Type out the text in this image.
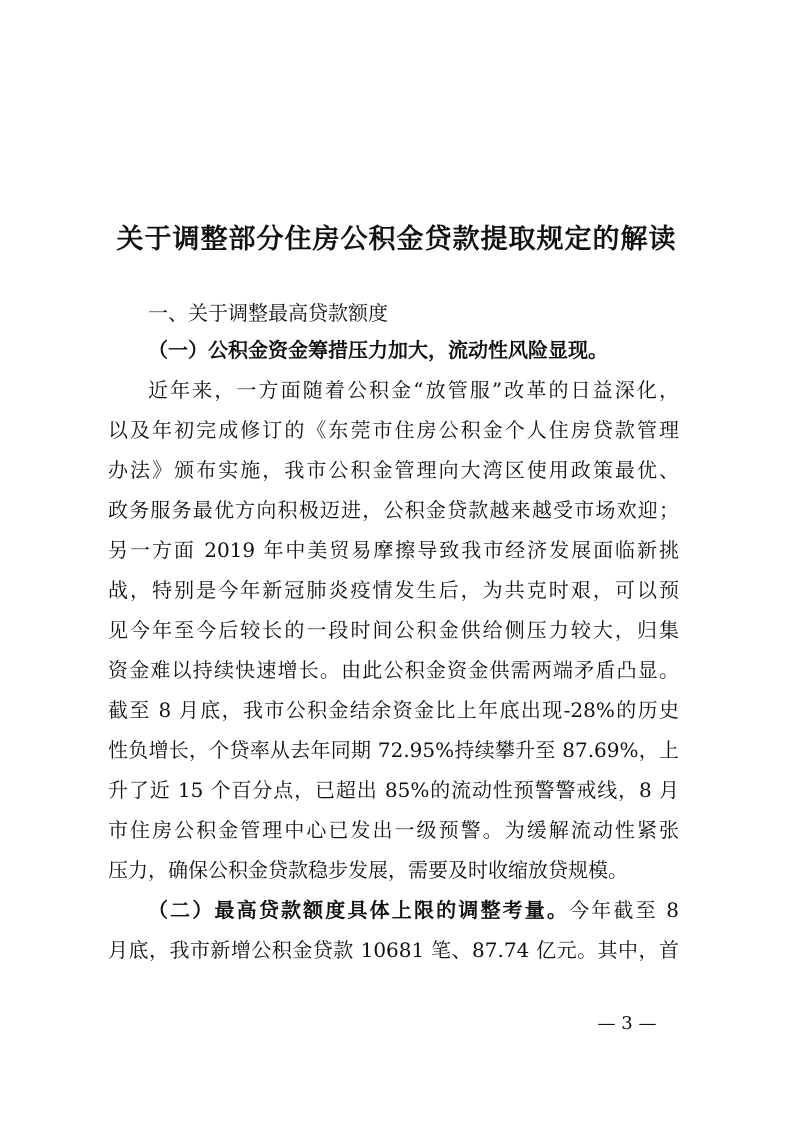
关于调整部分住房公积金贷款提取规定的解读
一、关于调整最高贷款额度
（一）公积金资金筹措压力加大，流动性风险显现。
近年来，一方面随着公积金“放管服”改革的日益深化，
以及年初完成修订的《东莞市住房公积金个人住房贷款管理
办法》颁布实施，我市公积金管理向大湾区使用政策最优、
政务服务最优方向积极迈进，公积金贷款越来越受市场欢迎；
另一方面 2019 年中美贸易摩擦导致我市经济发展面临新挑
战，特别是今年新冠肺炎疫情发生后，为共克时艰，可以预
见今年至今后较长的一段时间公积金供给侧压力较大，归集
资金难以持续快速增长。由此公积金资金供需两端矛盾凸显。
截至 8 月底，我市公积金结余资金比上年底出现-28%的历史
性负增长，个贷率从去年同期 72.95%持续攀升至 87.69%，上
升了近 15 个百分点，已超出 85%的流动性预警警戒线，8 月
市住房公积金管理中心已发出一级预警。为缓解流动性紧张
压力，确保公积金贷款稳步发展，需要及时收缩放贷规模。
（二）最高贷款额度具体上限的调整考量。今年截至 8
月底，我市新增公积金贷款 10681 笔、87.74 亿元。其中，首
— 3 —
